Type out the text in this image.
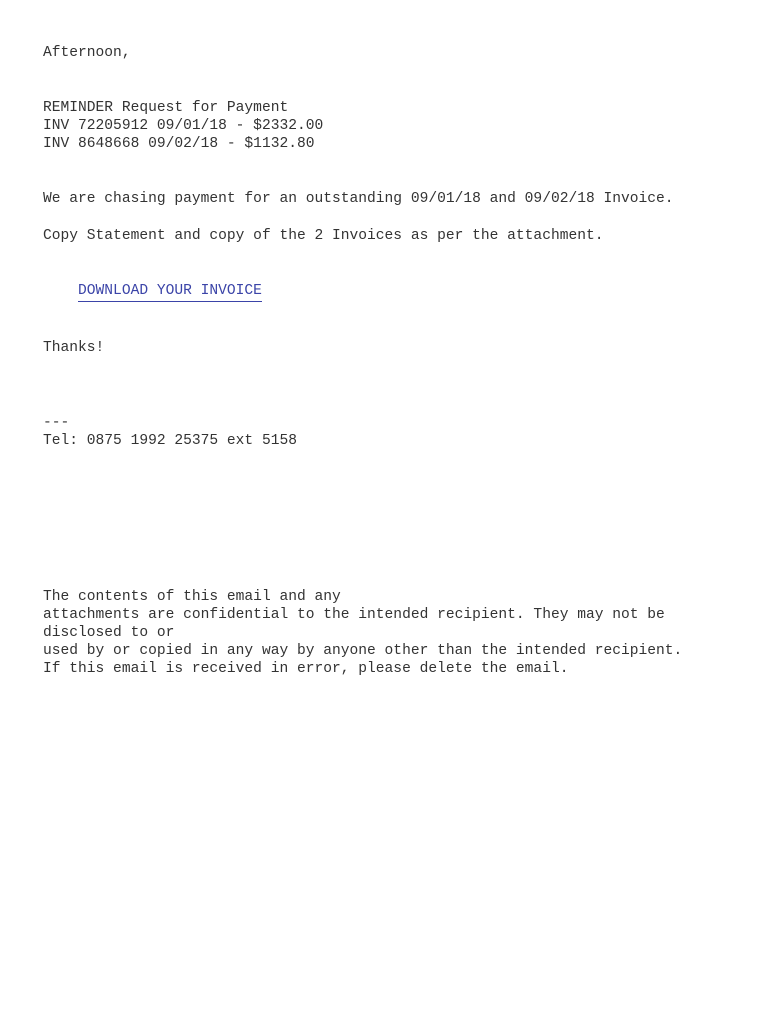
Afternoon,
REMINDER Request for Payment
INV 72205912 09/01/18 - $2332.00
INV 8648668 09/02/18 - $1132.80
We are chasing payment for an outstanding 09/01/18 and 09/02/18 Invoice.
Copy Statement and copy of the 2 Invoices as per the attachment.

DOWNLOAD YOUR INVOICE

Thanks!
---
Tel: 0875 1992 25375 ext 5158
The contents of this email and any
attachments are confidential to the intended recipient. They may not be
disclosed to or
used by or copied in any way by anyone other than the intended recipient.
If this email is received in error, please delete the email.
